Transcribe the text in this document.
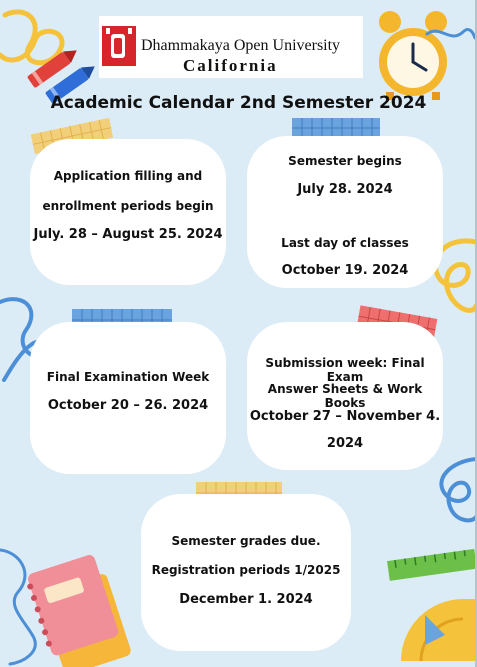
Dhammakaya Open University
California
Academic Calendar 2nd Semester 2024
Application filling and
enrollment periods begin
July. 28 – August 25. 2024
Semester begins
July 28. 2024
Last day of classes
October 19. 2024
Final Examination Week
October 20 – 26. 2024
Submission week: Final Exam
Answer Sheets & Work Books
October 27 – November 4.
2024
Semester grades due.
Registration periods 1/2025
December 1. 2024
